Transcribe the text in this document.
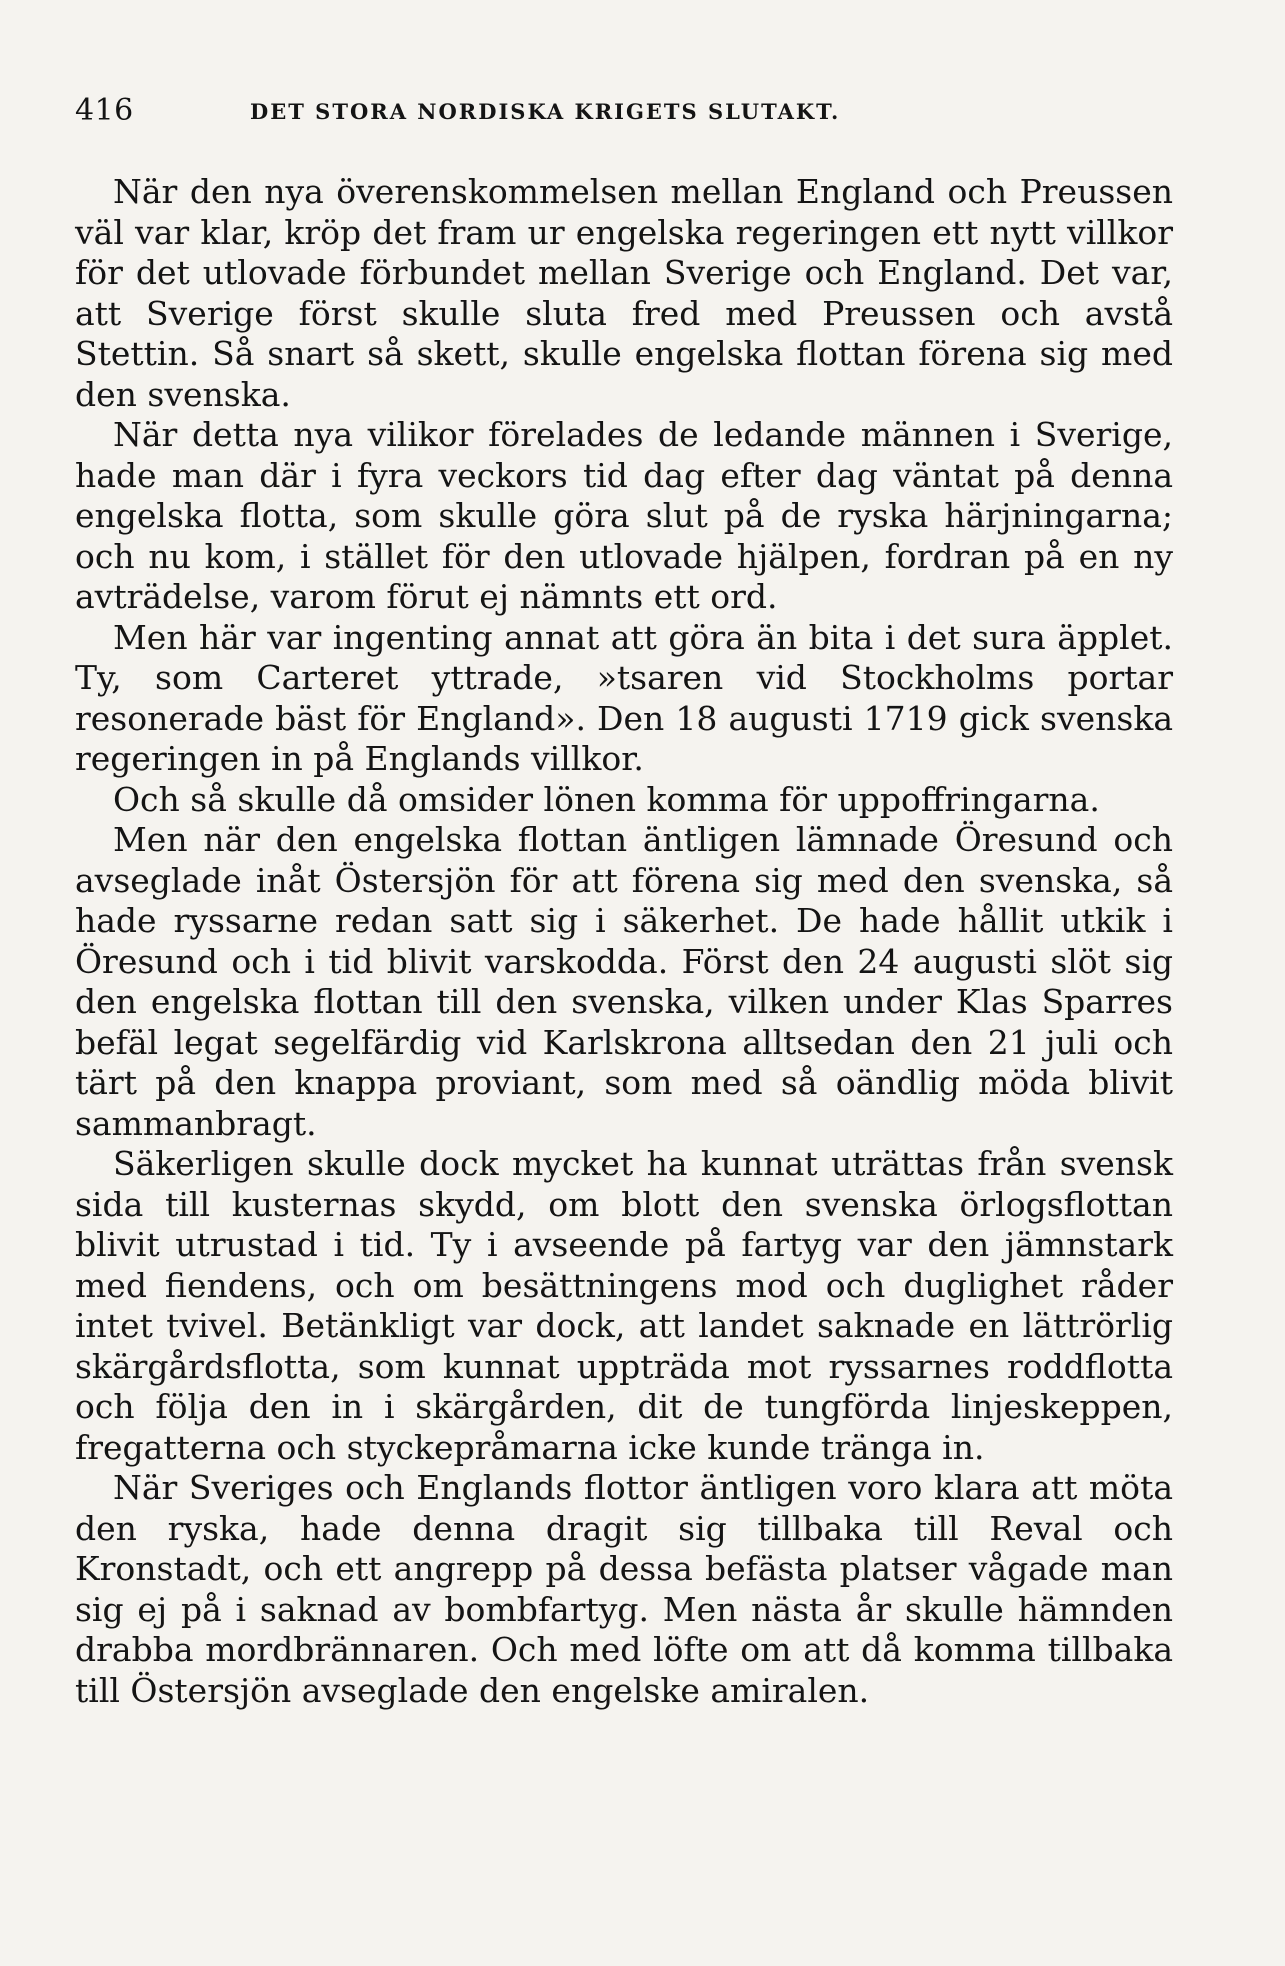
416	DET STORA NORDISKA KRIGETS SLUTAKT.

När den nya överenskommelsen mellan England och Preussen väl var klar, kröp det fram ur engelska regeringen ett nytt villkor för det utlovade förbundet mellan Sverige och England. Det var, att Sverige först skulle sluta fred med Preussen och avstå Stettin. Så snart så skett, skulle engelska flottan förena sig med den svenska.

När detta nya vilikor förelades de ledande männen i Sverige, hade man där i fyra veckors tid dag efter dag väntat på denna engelska flotta, som skulle göra slut på de ryska härjningarna; och nu kom, i stället för den utlovade hjälpen, fordran på en ny avträdelse, varom förut ej nämnts ett ord.

Men här var ingenting annat att göra än bita i det sura äpplet. Ty, som Carteret yttrade, »tsaren vid Stockholms portar resonerade bäst för England». Den 18 augusti 1719 gick svenska regeringen in på Englands villkor.

Och så skulle då omsider lönen komma för uppoffringarna.

Men när den engelska flottan äntligen lämnade Öresund och avseglade inåt Östersjön för att förena sig med den svenska, så hade ryssarne redan satt sig i säkerhet. De hade hållit utkik i Öresund och i tid blivit varskodda. Först den 24 augusti slöt sig den engelska flottan till den svenska, vilken under Klas Sparres befäl legat segelfärdig vid Karlskrona alltsedan den 21 juli och tärt på den knappa proviant, som med så oändlig möda blivit sammanbragt.

Säkerligen skulle dock mycket ha kunnat uträttas från svensk sida till kusternas skydd, om blott den svenska örlogsflottan blivit utrustad i tid. Ty i avseende på fartyg var den jämnstark med fiendens, och om besättningens mod och duglighet råder intet tvivel. Betänkligt var dock, att landet saknade en lättrörlig skärgårdsflotta, som kunnat uppträda mot ryssarnes roddflotta och följa den in i skärgården, dit de tungförda linjeskeppen, fregatterna och styckepråmarna icke kunde tränga in.

När Sveriges och Englands flottor äntligen voro klara att möta den ryska, hade denna dragit sig tillbaka till Reval och Kronstadt, och ett angrepp på dessa befästa platser vågade man sig ej på i saknad av bombfartyg. Men nästa år skulle hämnden drabba mordbrännaren. Och med löfte om att då komma tillbaka till Östersjön avseglade den engelske amiralen.
